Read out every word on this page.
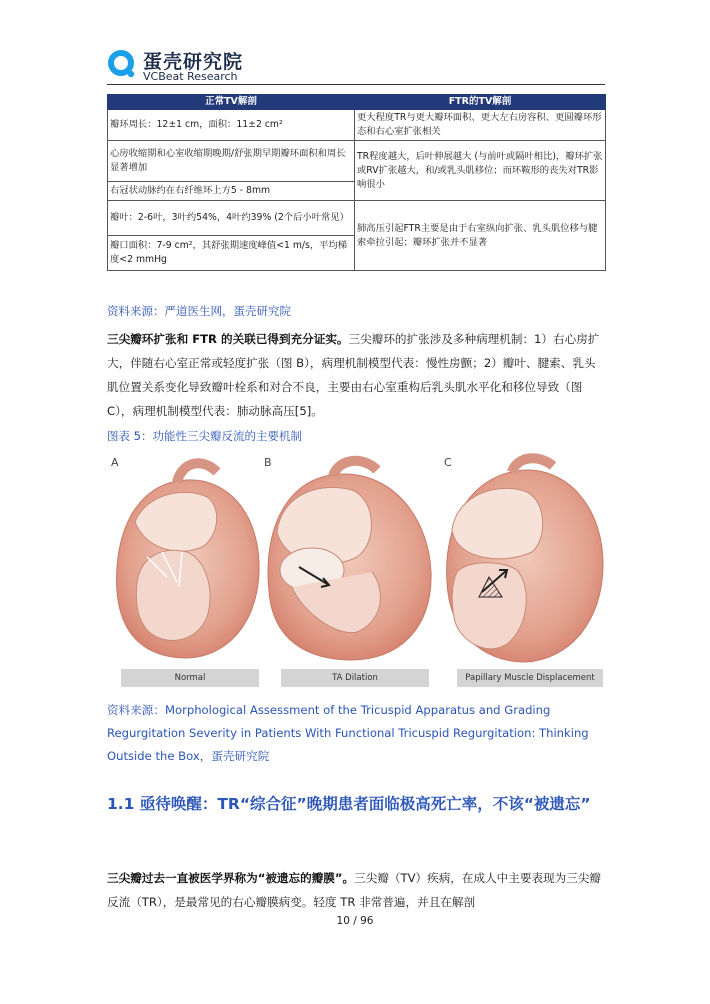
蛋壳研究院
VCBeat Research
正常TV解剖	FTR的TV解剖
瓣环周长：12±1 cm，面积：11±2 cm²	更大程度TR与更大瓣环面积、更大左右房容积、更圆瓣环形态和右心室扩张相关
心房收缩期和心室收缩期晚期/舒张期早期瓣环面积和周长显著增加	TR程度越大，后叶伸展越大 (与前叶或隔叶相比)，瓣环扩张或RV扩张越大，和/或乳头肌移位；而环鞍形的丧失对TR影响很小
右冠状动脉约在右纤维环上方5 - 8mm	
瓣叶：2-6叶，3叶约54%，4叶约39% (2个后小叶常见）	肺高压引起FTR主要是由于右室纵向扩张、乳头肌位移与腱索牵拉引起；瓣环扩张并不显著
瓣口面积：7-9 cm²，其舒张期速度峰值<1 m/s，平均梯度<2 mmHg	
资料来源：严道医生网，蛋壳研究院
三尖瓣环扩张和 FTR 的关联已得到充分证实。三尖瓣环的扩张涉及多种病理机制：1）右心房扩大，伴随右心室正常或轻度扩张（图 B），病理机制模型代表：慢性房颤；2）瓣叶、腱索、乳头肌位置关系变化导致瓣叶栓系和对合不良，主要由右心室重构后乳头肌水平化和移位导致（图 C），病理机制模型代表：肺动脉高压[5]。
图表 5：功能性三尖瓣反流的主要机制
A	B	C
Normal	TA Dilation	Papillary Muscle Displacement
资料来源：Morphological Assessment of the Tricuspid Apparatus and Grading Regurgitation Severity in Patients With Functional Tricuspid Regurgitation: Thinking Outside the Box，蛋壳研究院
1.1 亟待唤醒：TR“综合征”晚期患者面临极高死亡率，不该“被遗忘”
三尖瓣过去一直被医学界称为“被遗忘的瓣膜”。三尖瓣（TV）疾病，在成人中主要表现为三尖瓣反流（TR），是最常见的右心瓣膜病变。轻度 TR 非常普遍，并且在解剖
10 / 96
